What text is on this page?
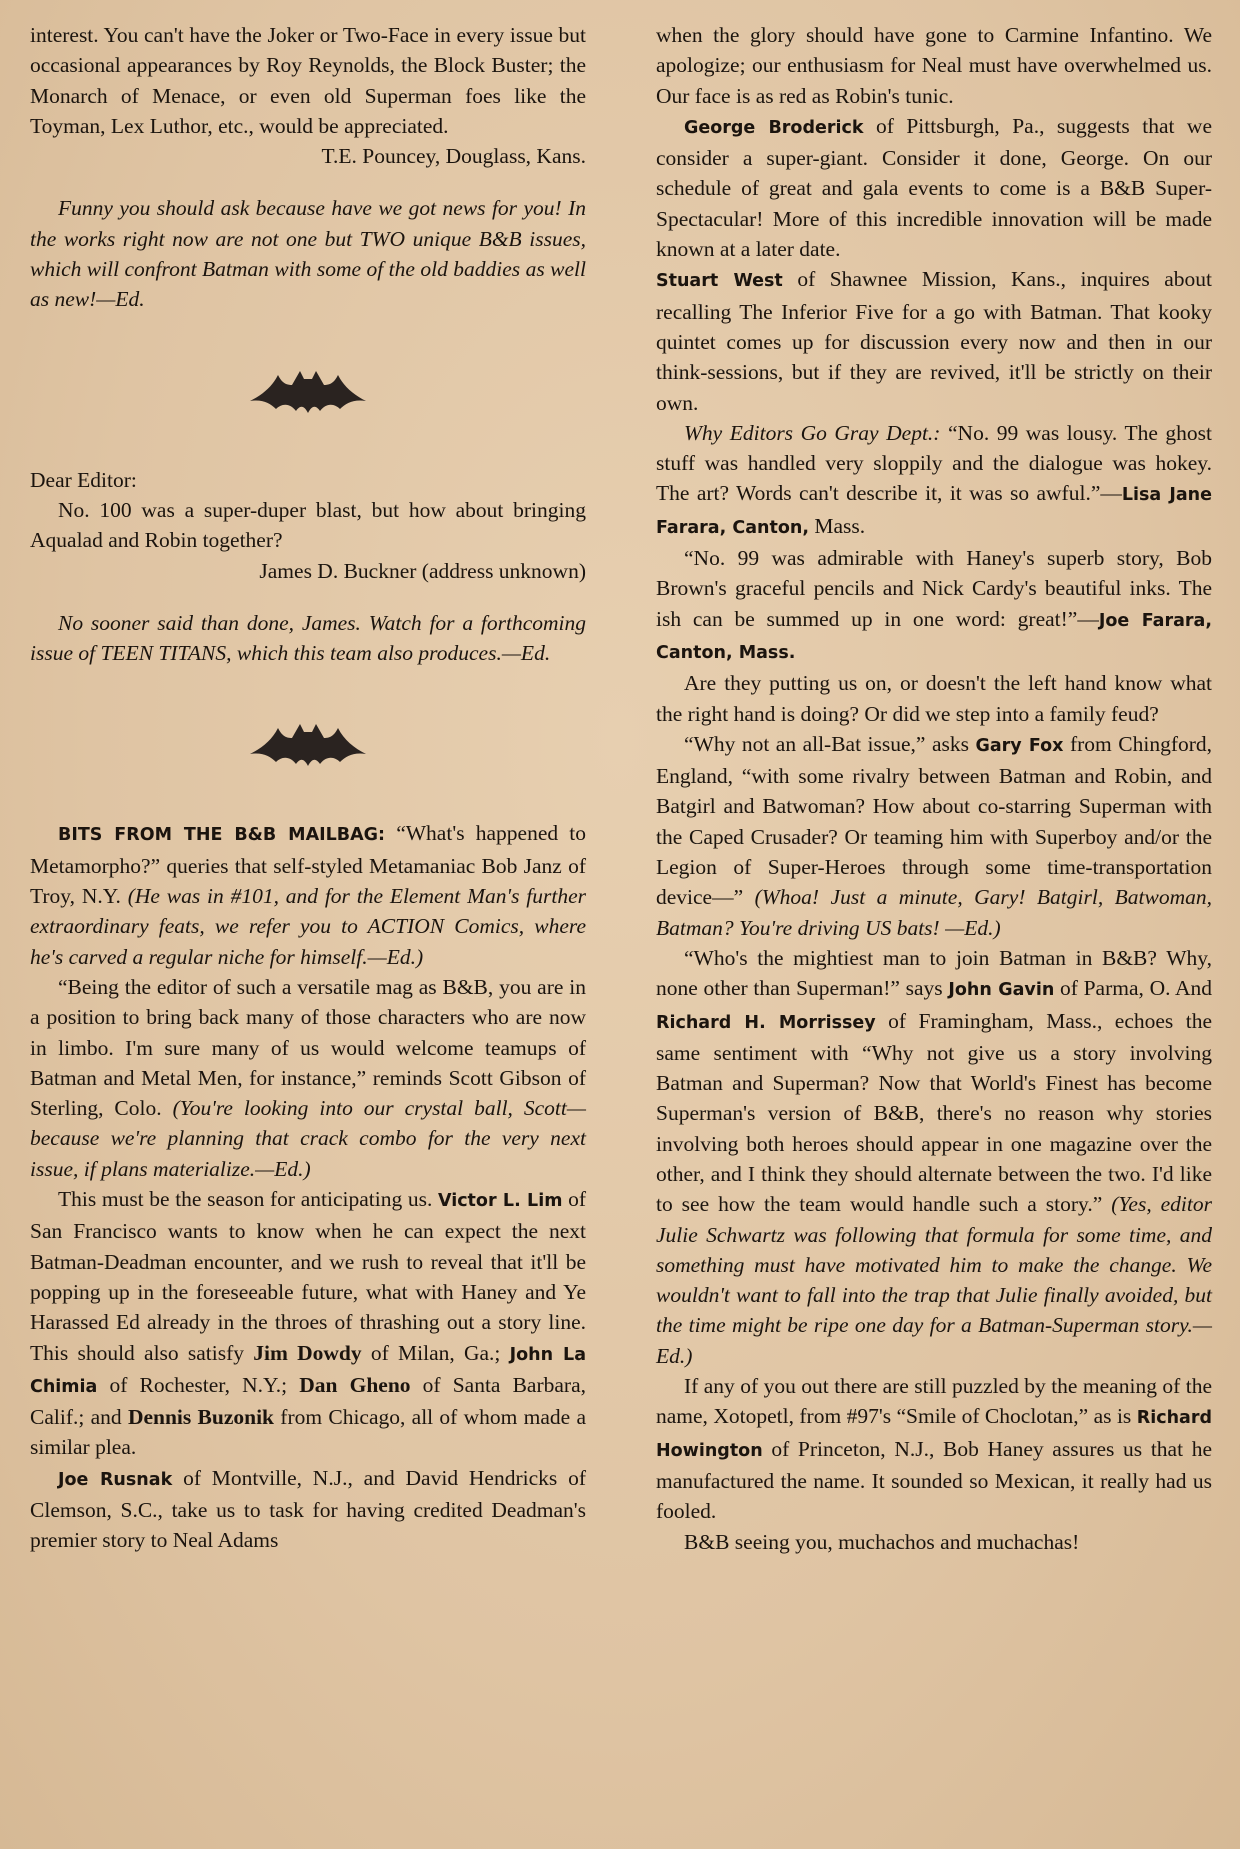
interest. You can't have the Joker or Two-Face in every issue but occasional appearances by Roy Reynolds, the Block Buster; the Monarch of Menace, or even old Superman foes like the Toyman, Lex Luthor, etc., would be appreciated.

T.E. Pouncey, Douglass, Kans.

Funny you should ask because have we got news for you! In the works right now are not one but TWO unique B&B issues, which will confront Batman with some of the old baddies as well as new!—Ed.

Dear Editor:

No. 100 was a super-duper blast, but how about bringing Aqualad and Robin together?

James D. Buckner (address unknown)

No sooner said than done, James. Watch for a forthcoming issue of TEEN TITANS, which this team also produces.—Ed.

BITS FROM THE B&B MAILBAG: “What's happened to Metamorpho?” queries that self-styled Metamaniac Bob Janz of Troy, N.Y. (He was in #101, and for the Element Man's further extraordinary feats, we refer you to ACTION Comics, where he's carved a regular niche for himself.—Ed.)

“Being the editor of such a versatile mag as B&B, you are in a position to bring back many of those characters who are now in limbo. I'm sure many of us would welcome teamups of Batman and Metal Men, for instance,” reminds Scott Gibson of Sterling, Colo. (You're looking into our crystal ball, Scott—because we're planning that crack combo for the very next issue, if plans materialize.—Ed.)

This must be the season for anticipating us. Victor L. Lim of San Francisco wants to know when he can expect the next Batman-Deadman encounter, and we rush to reveal that it'll be popping up in the foreseeable future, what with Haney and Ye Harassed Ed already in the throes of thrashing out a story line. This should also satisfy Jim Dowdy of Milan, Ga.; John La Chimia of Rochester, N.Y.; Dan Gheno of Santa Barbara, Calif.; and Dennis Buzonik from Chicago, all of whom made a similar plea.

Joe Rusnak of Montville, N.J., and David Hendricks of Clemson, S.C., take us to task for having credited Deadman's premier story to Neal Adams

when the glory should have gone to Carmine Infantino. We apologize; our enthusiasm for Neal must have overwhelmed us. Our face is as red as Robin's tunic.

George Broderick of Pittsburgh, Pa., suggests that we consider a super-giant. Consider it done, George. On our schedule of great and gala events to come is a B&B Super-Spectacular! More of this incredible innovation will be made known at a later date.

Stuart West of Shawnee Mission, Kans., inquires about recalling The Inferior Five for a go with Batman. That kooky quintet comes up for discussion every now and then in our think-sessions, but if they are revived, it'll be strictly on their own.

Why Editors Go Gray Dept.: “No. 99 was lousy. The ghost stuff was handled very sloppily and the dialogue was hokey. The art? Words can't describe it, it was so awful.”—Lisa Jane Farara, Canton, Mass.

“No. 99 was admirable with Haney's superb story, Bob Brown's graceful pencils and Nick Cardy's beautiful inks. The ish can be summed up in one word: great!”—Joe Farara, Canton, Mass.

Are they putting us on, or doesn't the left hand know what the right hand is doing? Or did we step into a family feud?

“Why not an all-Bat issue,” asks Gary Fox from Chingford, England, “with some rivalry between Batman and Robin, and Batgirl and Batwoman? How about co-starring Superman with the Caped Crusader? Or teaming him with Superboy and/or the Legion of Super-Heroes through some time-transportation device—” (Whoa! Just a minute, Gary! Batgirl, Batwoman, Batman? You're driving US bats! —Ed.)

“Who's the mightiest man to join Batman in B&B? Why, none other than Superman!” says John Gavin of Parma, O. And Richard H. Morrissey of Framingham, Mass., echoes the same sentiment with “Why not give us a story involving Batman and Superman? Now that World's Finest has become Superman's version of B&B, there's no reason why stories involving both heroes should appear in one magazine over the other, and I think they should alternate between the two. I'd like to see how the team would handle such a story.” (Yes, editor Julie Schwartz was following that formula for some time, and something must have motivated him to make the change. We wouldn't want to fall into the trap that Julie finally avoided, but the time might be ripe one day for a Batman-Superman story.—Ed.)

If any of you out there are still puzzled by the meaning of the name, Xotopetl, from #97's “Smile of Choclotan,” as is Richard Howington of Princeton, N.J., Bob Haney assures us that he manufactured the name. It sounded so Mexican, it really had us fooled.

B&B seeing you, muchachos and muchachas!
